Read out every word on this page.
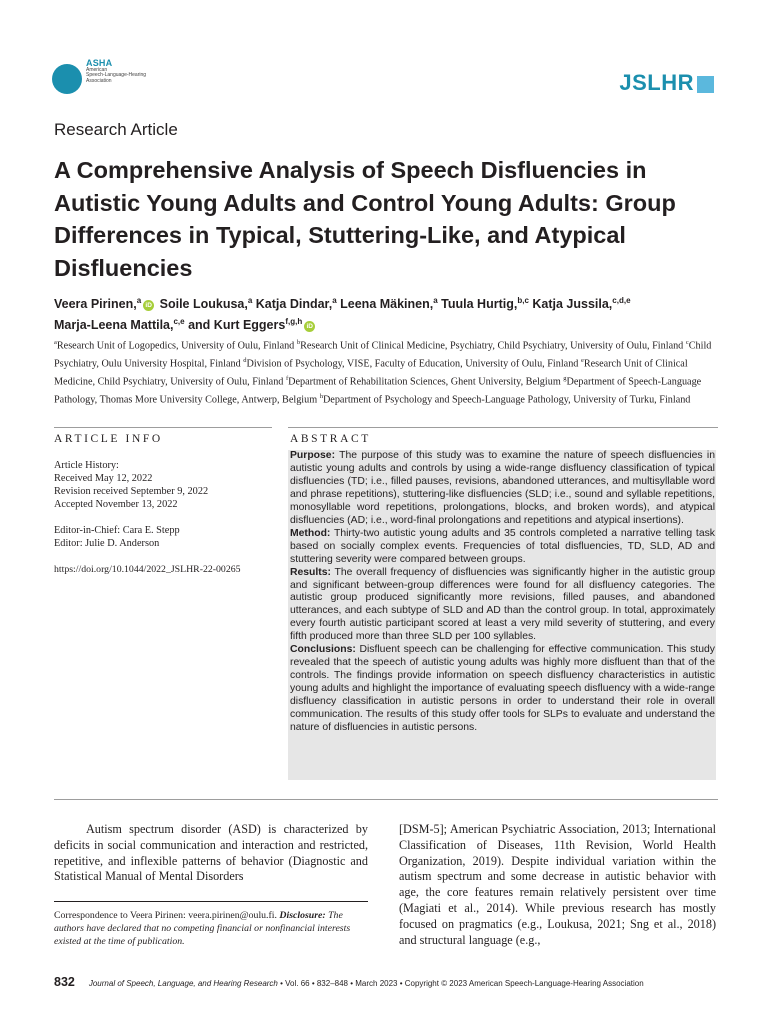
ASHA
American
Speech-Language-Hearing
Association	JSLHR
Research Article
A Comprehensive Analysis of Speech Disfluencies in Autistic Young Adults and Control Young Adults: Group Differences in Typical, Stuttering-Like, and Atypical Disfluencies
Veera Pirinen,$^a$iD Soile Loukusa,$^a$ Katja Dindar,$^a$ Leena Mäkinen,$^a$ Tuula Hurtig,$^{b,c}$ Katja Jussila,$^{c,d,e}$
Marja-Leena Mattila,$^{c,e}$ and Kurt Eggers$^{f,g,h}$iD
$^a$Research Unit of Logopedics, University of Oulu, Finland $^b$Research Unit of Clinical Medicine, Psychiatry, Child Psychiatry, University of Oulu, Finland $^c$Child Psychiatry, Oulu University Hospital, Finland $^d$Division of Psychology, VISE, Faculty of Education, University of Oulu, Finland $^e$Research Unit of Clinical Medicine, Child Psychiatry, University of Oulu, Finland $^f$Department of Rehabilitation Sciences, Ghent University, Belgium $^g$Department of Speech-Language Pathology, Thomas More University College, Antwerp, Belgium $^h$Department of Psychology and Speech-Language Pathology, University of Turku, Finland
ARTICLE INFO	ABSTRACT
Article History:
Received May 12, 2022
Revision received September 9, 2022
Accepted November 13, 2022
Editor-in-Chief: Cara E. Stepp
Editor: Julie D. Anderson
https://doi.org/10.1044/2022_JSLHR-22-00265
Purpose: The purpose of this study was to examine the nature of speech disfluencies in autistic young adults and controls by using a wide-range disfluency classification of typical disfluencies (TD; i.e., filled pauses, revisions, abandoned utterances, and multisyllable word and phrase repetitions), stuttering-like disfluencies (SLD; i.e., sound and syllable repetitions, monosyllable word repetitions, prolongations, blocks, and broken words), and atypical disfluencies (AD; i.e., word-final prolongations and repetitions and atypical insertions).
Method: Thirty-two autistic young adults and 35 controls completed a narrative telling task based on socially complex events. Frequencies of total disfluencies, TD, SLD, AD and stuttering severity were compared between groups.
Results: The overall frequency of disfluencies was significantly higher in the autistic group and significant between-group differences were found for all disfluency categories. The autistic group produced significantly more revisions, filled pauses, and abandoned utterances, and each subtype of SLD and AD than the control group. In total, approximately every fourth autistic participant scored at least a very mild severity of stuttering, and every fifth produced more than three SLD per 100 syllables.
Conclusions: Disfluent speech can be challenging for effective communication. This study revealed that the speech of autistic young adults was highly more disfluent than that of the controls. The findings provide information on speech disfluency characteristics in autistic young adults and highlight the importance of evaluating speech disfluency with a wide-range disfluency classification in autistic persons in order to understand their role in overall communication. The results of this study offer tools for SLPs to evaluate and understand the nature of disfluencies in autistic persons.
Autism spectrum disorder (ASD) is characterized by deficits in social communication and interaction and restricted, repetitive, and inflexible patterns of behavior (Diagnostic and Statistical Manual of Mental Disorders
[DSM-5]; American Psychiatric Association, 2013; International Classification of Diseases, 11th Revision, World Health Organization, 2019). Despite individual variation within the autism spectrum and some decrease in autistic behavior with age, the core features remain relatively persistent over time (Magiati et al., 2014). While previous research has mostly focused on pragmatics (e.g., Loukusa, 2021; Sng et al., 2018) and structural language (e.g.,
Correspondence to Veera Pirinen: veera.pirinen@oulu.fi. Disclosure: The authors have declared that no competing financial or nonfinancial interests existed at the time of publication.
832 Journal of Speech, Language, and Hearing Research • Vol. 66 • 832–848 • March 2023 • Copyright © 2023 American Speech-Language-Hearing Association
